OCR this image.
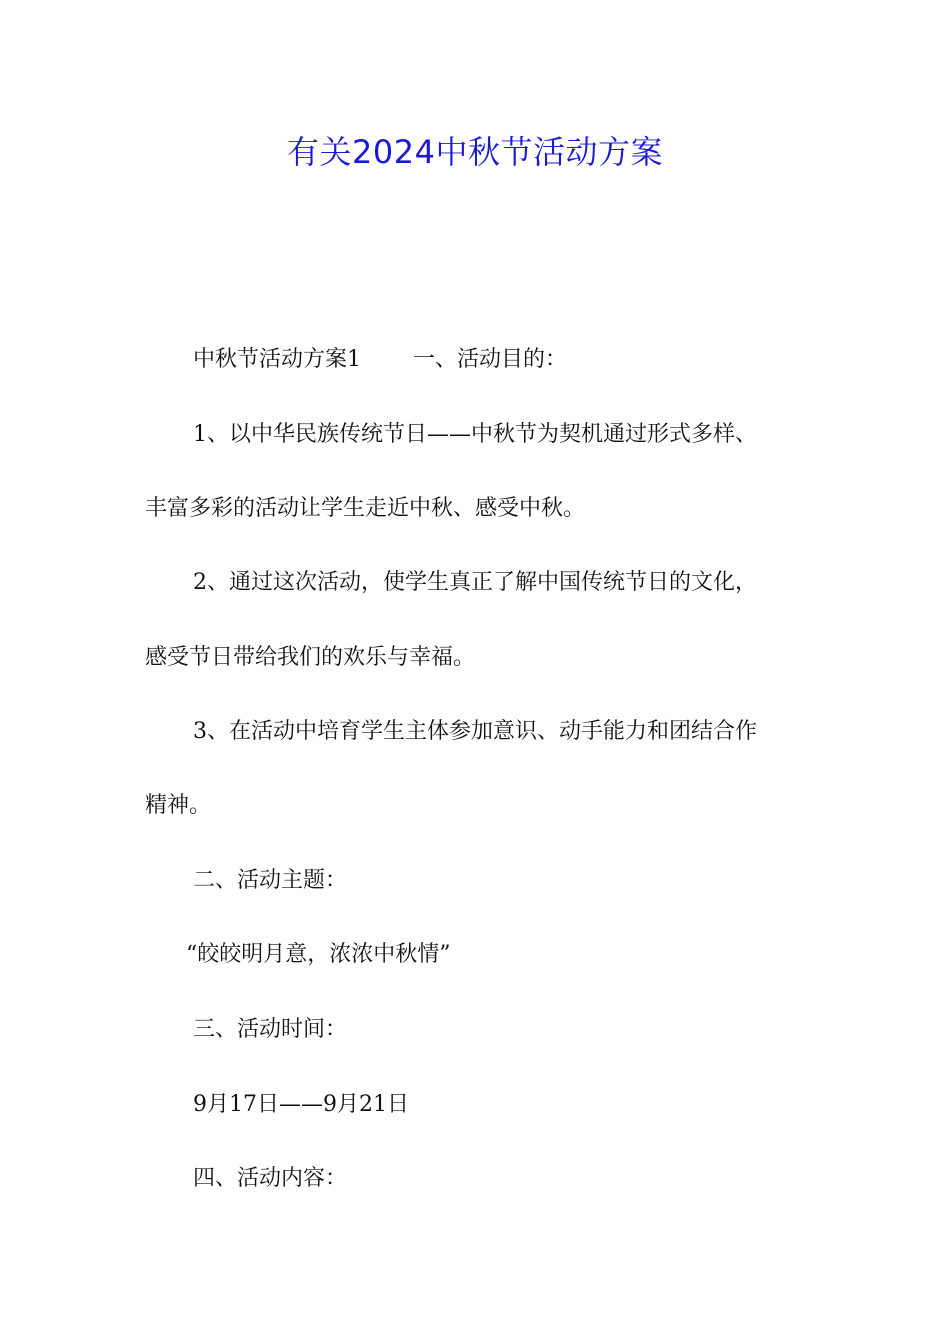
有关2024中秋节活动方案

中秋节活动方案1 一、活动目的：

1、以中华民族传统节日——中秋节为契机通过形式多样、

丰富多彩的活动让学生走近中秋、感受中秋。

2、通过这次活动，使学生真正了解中国传统节日的文化，

感受节日带给我们的欢乐与幸福。

3、在活动中培育学生主体参加意识、动手能力和团结合作

精神。

二、活动主题：

“皎皎明月意，浓浓中秋情”

三、活动时间：

9月17日——9月21日

四、活动内容：
